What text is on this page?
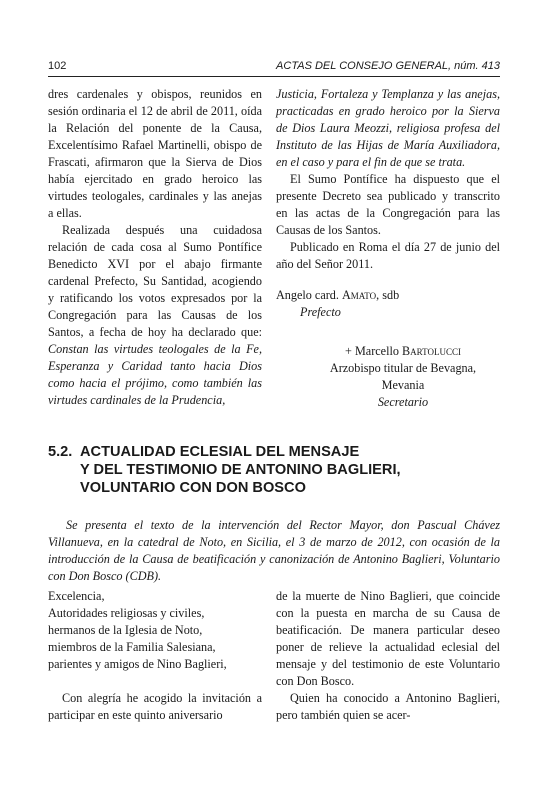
102	ACTAS DEL CONSEJO GENERAL, núm. 413

dres cardenales y obispos, reunidos en sesión ordinaria el 12 de abril de 2011, oída la Relación del ponente de la Causa, Excelentísimo Rafael Martinelli, obispo de Frascati, afirmaron que la Sierva de Dios había ejercitado en grado heroico las virtudes teologales, cardinales y las anejas a ellas.

Realizada después una cuidadosa relación de cada cosa al Sumo Pontífice Benedicto XVI por el abajo firmante cardenal Prefecto, Su Santidad, acogiendo y ratificando los votos expresados por la Congregación para las Causas de los Santos, a fecha de hoy ha declarado que: Constan las virtudes teologales de la Fe, Esperanza y Caridad tanto hacia Dios como hacia el prójimo, como también las virtudes cardinales de la Prudencia,

Justicia, Fortaleza y Templanza y las anejas, practicadas en grado heroico por la Sierva de Dios Laura Meozzi, religiosa profesa del Instituto de las Hijas de María Auxiliadora, en el caso y para el fin de que se trata.

El Sumo Pontífice ha dispuesto que el presente Decreto sea publicado y transcrito en las actas de la Congregación para las Causas de los Santos.

Publicado en Roma el día 27 de junio del año del Señor 2011.

Angelo card. Amato, sdb

Prefecto

+ Marcello Bartolucci

Arzobispo titular de Bevagna,

Mevania

Secretario

5.2. ACTUALIDAD ECLESIAL DEL MENSAJE
Y DEL TESTIMONIO DE ANTONINO BAGLIERI,
VOLUNTARIO CON DON BOSCO
Se presenta el texto de la intervención del Rector Mayor, don Pascual Chávez Villanueva, en la catedral de Noto, en Sicilia, el 3 de marzo de 2012, con ocasión de la introducción de la Causa de beatificación y canonización de Antonino Baglieri, Voluntario con Don Bosco (CDB).

Excelencia,

Autoridades religiosas y civiles,

hermanos de la Iglesia de Noto,

miembros de la Familia Salesiana,

parientes y amigos de Nino Baglieri,

Con alegría he acogido la invitación a participar en este quinto aniversario

de la muerte de Nino Baglieri, que coincide con la puesta en marcha de su Causa de beatificación. De manera particular deseo poner de relieve la actualidad eclesial del mensaje y del testimonio de este Voluntario con Don Bosco.

Quien ha conocido a Antonino Baglieri, pero también quien se acer-
